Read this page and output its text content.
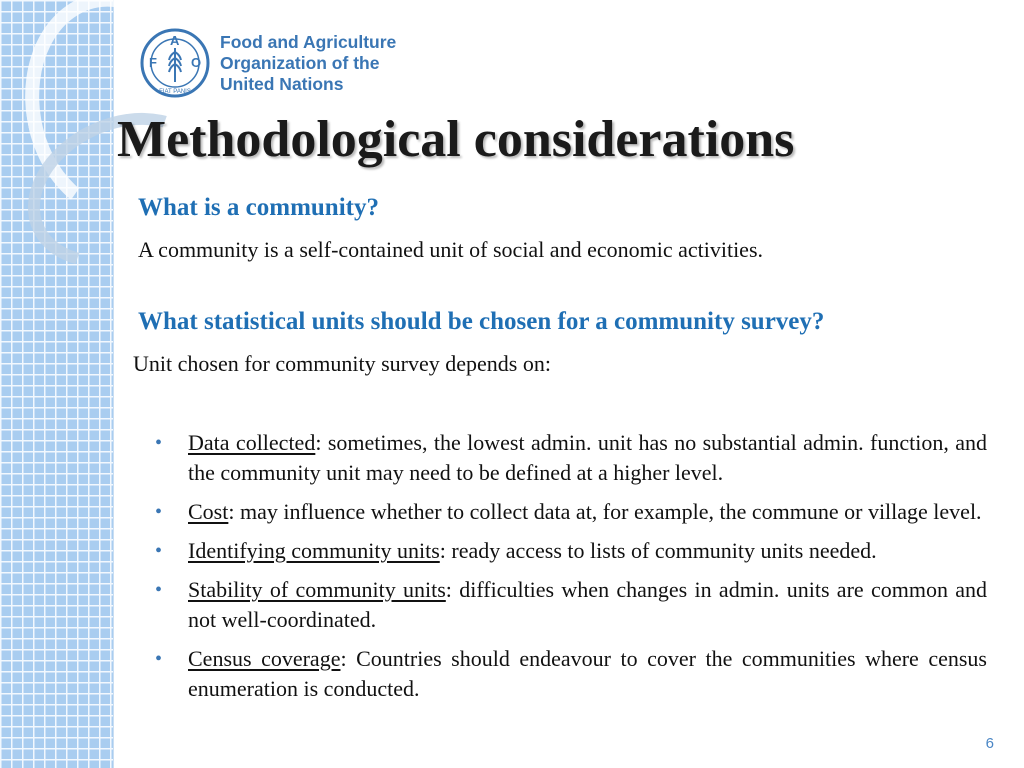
F
A
O
FIAT PANIS
Food and Agriculture
Organization of the
United Nations
Methodological considerations

What is a community?

A community is a self-contained unit of social and economic activities.

What statistical units should be chosen for a community survey?

Unit chosen for community survey depends on:

• Data collected: sometimes, the lowest admin. unit has no substantial admin. function, and the community unit may need to be defined at a higher level.
• Cost: may influence whether to collect data at, for example, the commune or village level.
• Identifying community units: ready access to lists of community units needed.
• Stability of community units: difficulties when changes in admin. units are common and not well-coordinated.
• Census coverage: Countries should endeavour to cover the communities where census enumeration is conducted.
6
